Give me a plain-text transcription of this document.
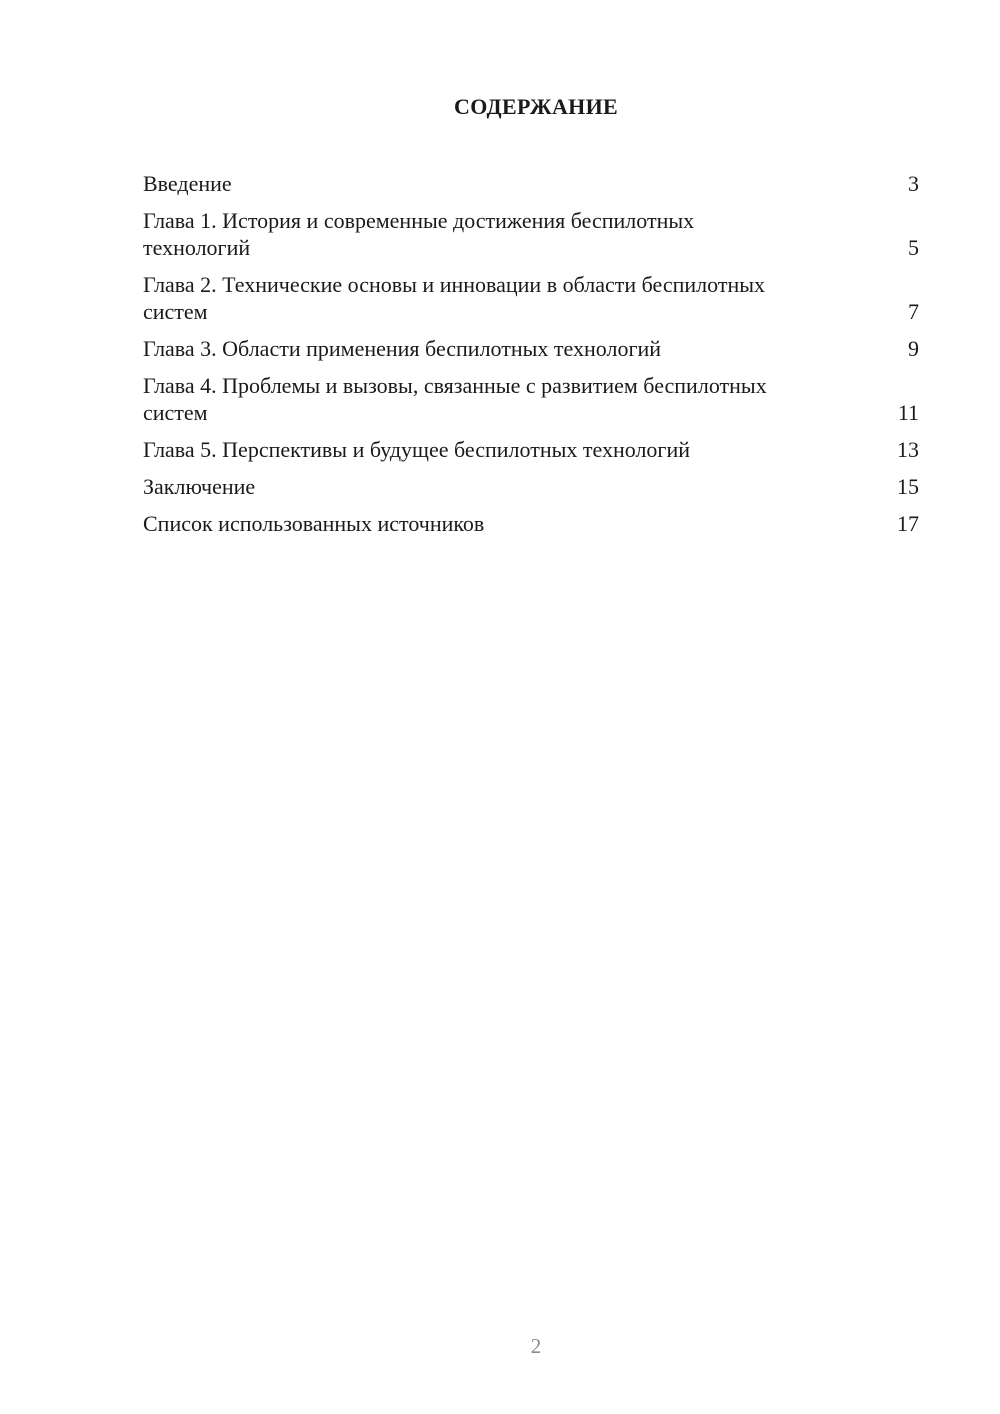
СОДЕРЖАНИЕ
Введение	3
Глава 1. История и современные достижения беспилотных технологий	5
Глава 2. Технические основы и инновации в области беспилотных систем	7
Глава 3. Области применения беспилотных технологий	9
Глава 4. Проблемы и вызовы, связанные с развитием беспилотных систем	11
Глава 5. Перспективы и будущее беспилотных технологий	13
Заключение	15
Список использованных источников	17
2
